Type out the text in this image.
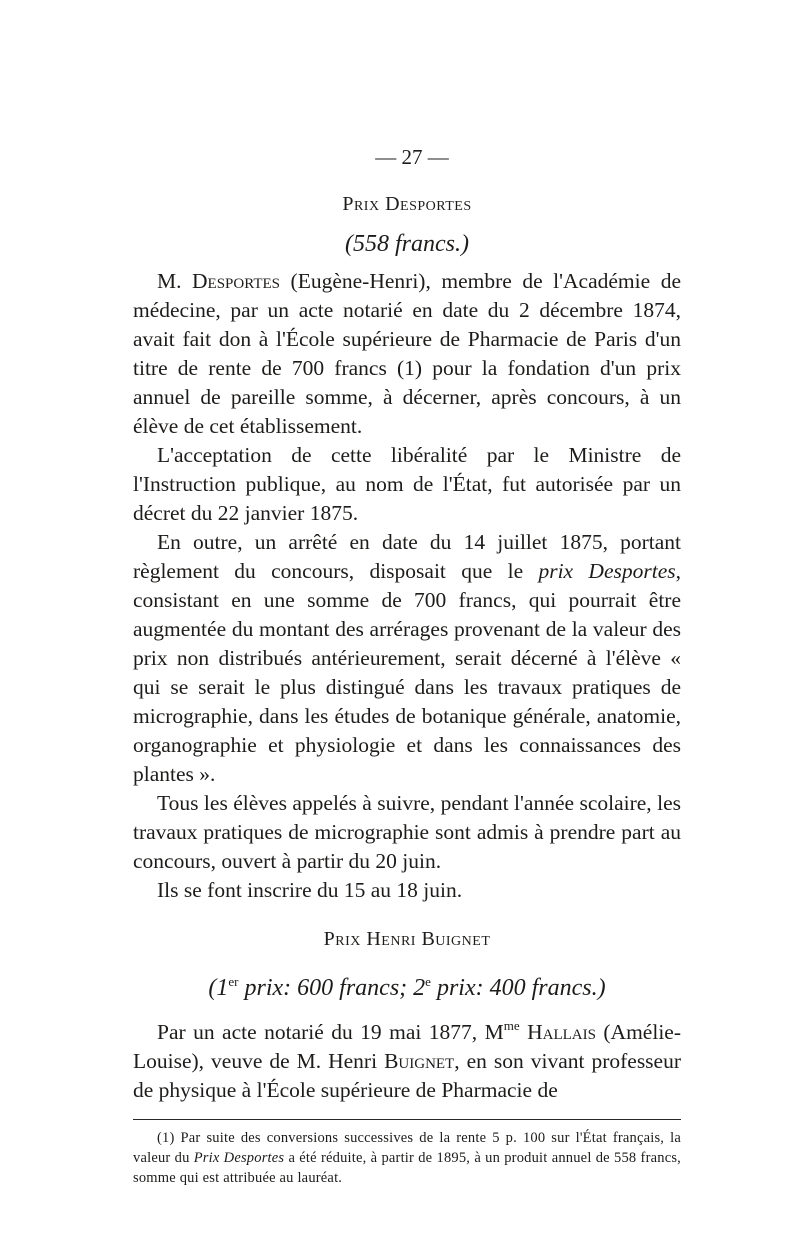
— 27 —
Prix Desportes
(558 francs.)

M. Desportes (Eugène-Henri), membre de l'Académie de médecine, par un acte notarié en date du 2 décembre 1874, avait fait don à l'École supérieure de Pharmacie de Paris d'un titre de rente de 700 francs (1) pour la fondation d'un prix annuel de pareille somme, à décerner, après concours, à un élève de cet établissement.

L'acceptation de cette libéralité par le Ministre de l'Instruction publique, au nom de l'État, fut autorisée par un décret du 22 janvier 1875.

En outre, un arrêté en date du 14 juillet 1875, portant règlement du concours, disposait que le prix Desportes, consistant en une somme de 700 francs, qui pourrait être augmentée du montant des arrérages provenant de la valeur des prix non distribués antérieurement, serait décerné à l'élève « qui se serait le plus distingué dans les travaux pratiques de micrographie, dans les études de botanique générale, anatomie, organographie et physiologie et dans les connaissances des plantes ».

Tous les élèves appelés à suivre, pendant l'année scolaire, les travaux pratiques de micrographie sont admis à prendre part au concours, ouvert à partir du 20 juin.

Ils se font inscrire du 15 au 18 juin.

Prix Henri Buignet
(1er prix: 600 francs; 2e prix: 400 francs.)

Par un acte notarié du 19 mai 1877, $M^{me}$ Hallais (Amélie-Louise), veuve de M. Henri Buignet, en son vivant professeur de physique à l'École supérieure de Pharmacie de

(1) Par suite des conversions successives de la rente 5 p. 100 sur l'État français, la valeur du Prix Desportes a été réduite, à partir de 1895, à un produit annuel de 558 francs, somme qui est attribuée au lauréat.
